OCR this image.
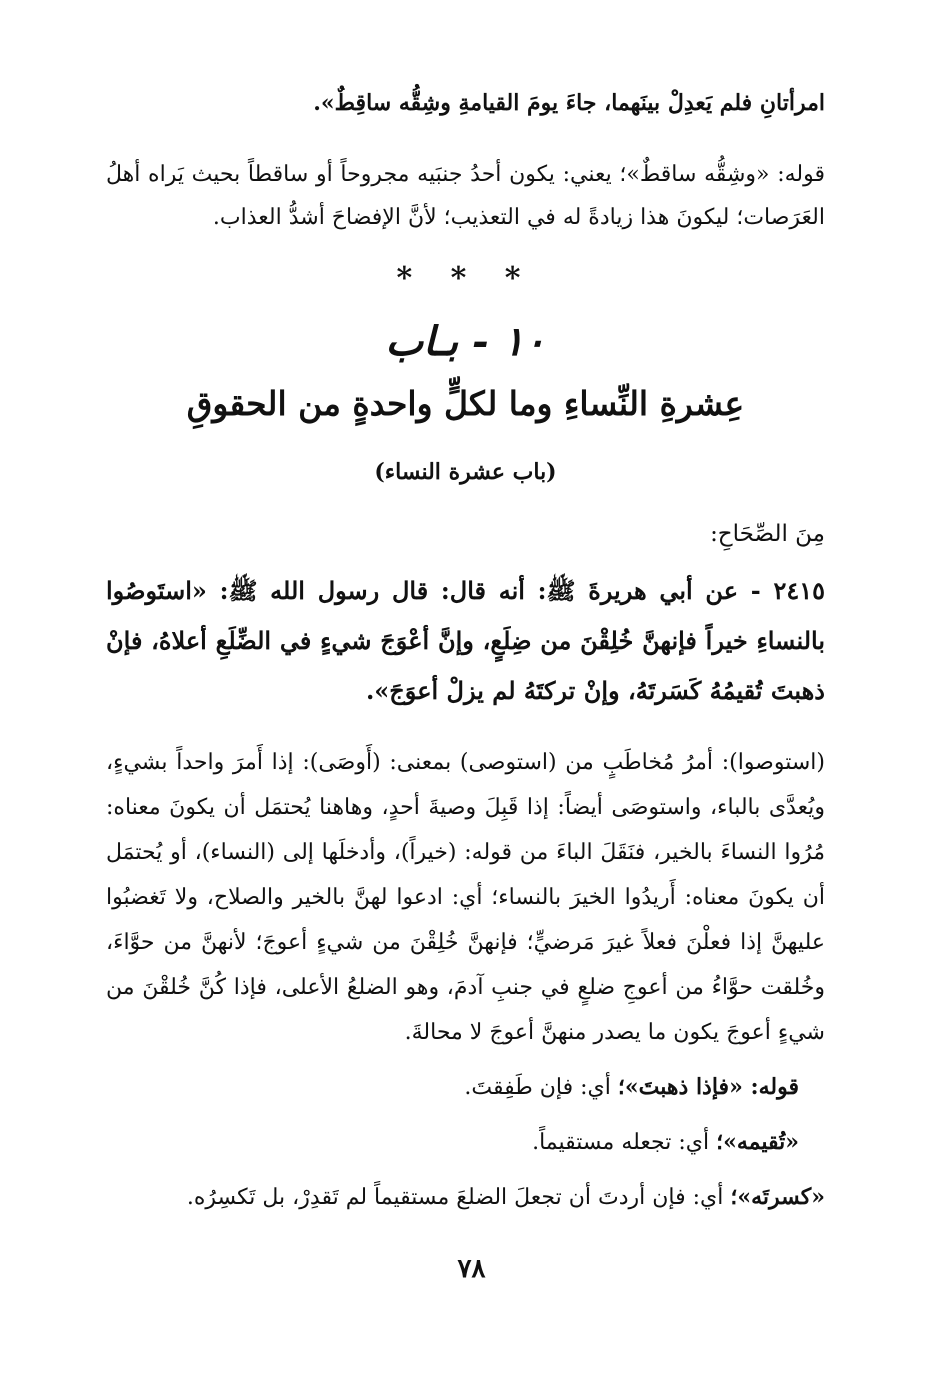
امرأتانِ فلم يَعدِلْ بينَهما، جاءَ يومَ القيامةِ وشِقُّه ساقِطٌ».

قوله: «وشِقُّه ساقطٌ»؛ يعني: يكون أحدُ جنبَيه مجروحاً أو ساقطاً بحيث يَراه أهلُ العَرَصات؛ ليكونَ هذا زيادةً له في التعذيب؛ لأنَّ الإفضاحَ أشدُّ العذاب.

* * *
١٠ - بـاب
عِشرةِ النِّساءِ وما لكلٍّ واحدةٍ من الحقوقِ
(باب عشرة النساء)
مِنَ الصِّحَاحِ:

٢٤١٥ - عن أبي هريرةَ ﷺ: أنه قال: قال رسول الله ﷺ: «استَوصُوا بالنساءِ خيراً فإنهنَّ خُلِقْنَ من ضِلَعٍ، وإنَّ أعْوَجَ شيءٍ في الضِّلَعِ أعلاهُ، فإنْ ذهبتَ تُقيمُهُ كَسَرتَهُ، وإنْ تركتَهُ لم يزلْ أعوَجَ».

(استوصوا): أمرُ مُخاطَبٍ من (استوصى) بمعنى: (أَوصَى): إذا أَمرَ واحداً بشيءٍ، ويُعدَّى بالباء، واستوصَى أيضاً: إذا قَبِلَ وصيةَ أحدٍ، وهاهنا يُحتمَل أن يكونَ معناه: مُرُوا النساءَ بالخير، فنَقَلَ الباءَ من قوله: (خيراً)، وأدخلَها إلى (النساء)، أو يُحتمَل أن يكونَ معناه: أَريدُوا الخيرَ بالنساء؛ أي: ادعوا لهنَّ بالخير والصلاح، ولا تَغضبُوا عليهنَّ إذا فعلْنَ فعلاً غيرَ مَرضيٍّ؛ فإنهنَّ خُلِقْنَ من شيءٍ أعوجَ؛ لأنهنَّ من حوَّاءَ، وخُلقت حوَّاءُ من أعوجِ ضلعٍ في جنبِ آدمَ، وهو الضلعُ الأعلى، فإذا كُنَّ خُلقْنَ من شيءٍ أعوجَ يكون ما يصدر منهنَّ أعوجَ لا محالةَ.

قوله: «فإذا ذهبتَ»؛ أي: فإن طَفِقتَ.

«تُقيمه»؛ أي: تجعله مستقيماً.

«كسرتَه»؛ أي: فإن أردتَ أن تجعلَ الضلعَ مستقيماً لم تَقدِرْ، بل تَكسِرُه.

٧٨
